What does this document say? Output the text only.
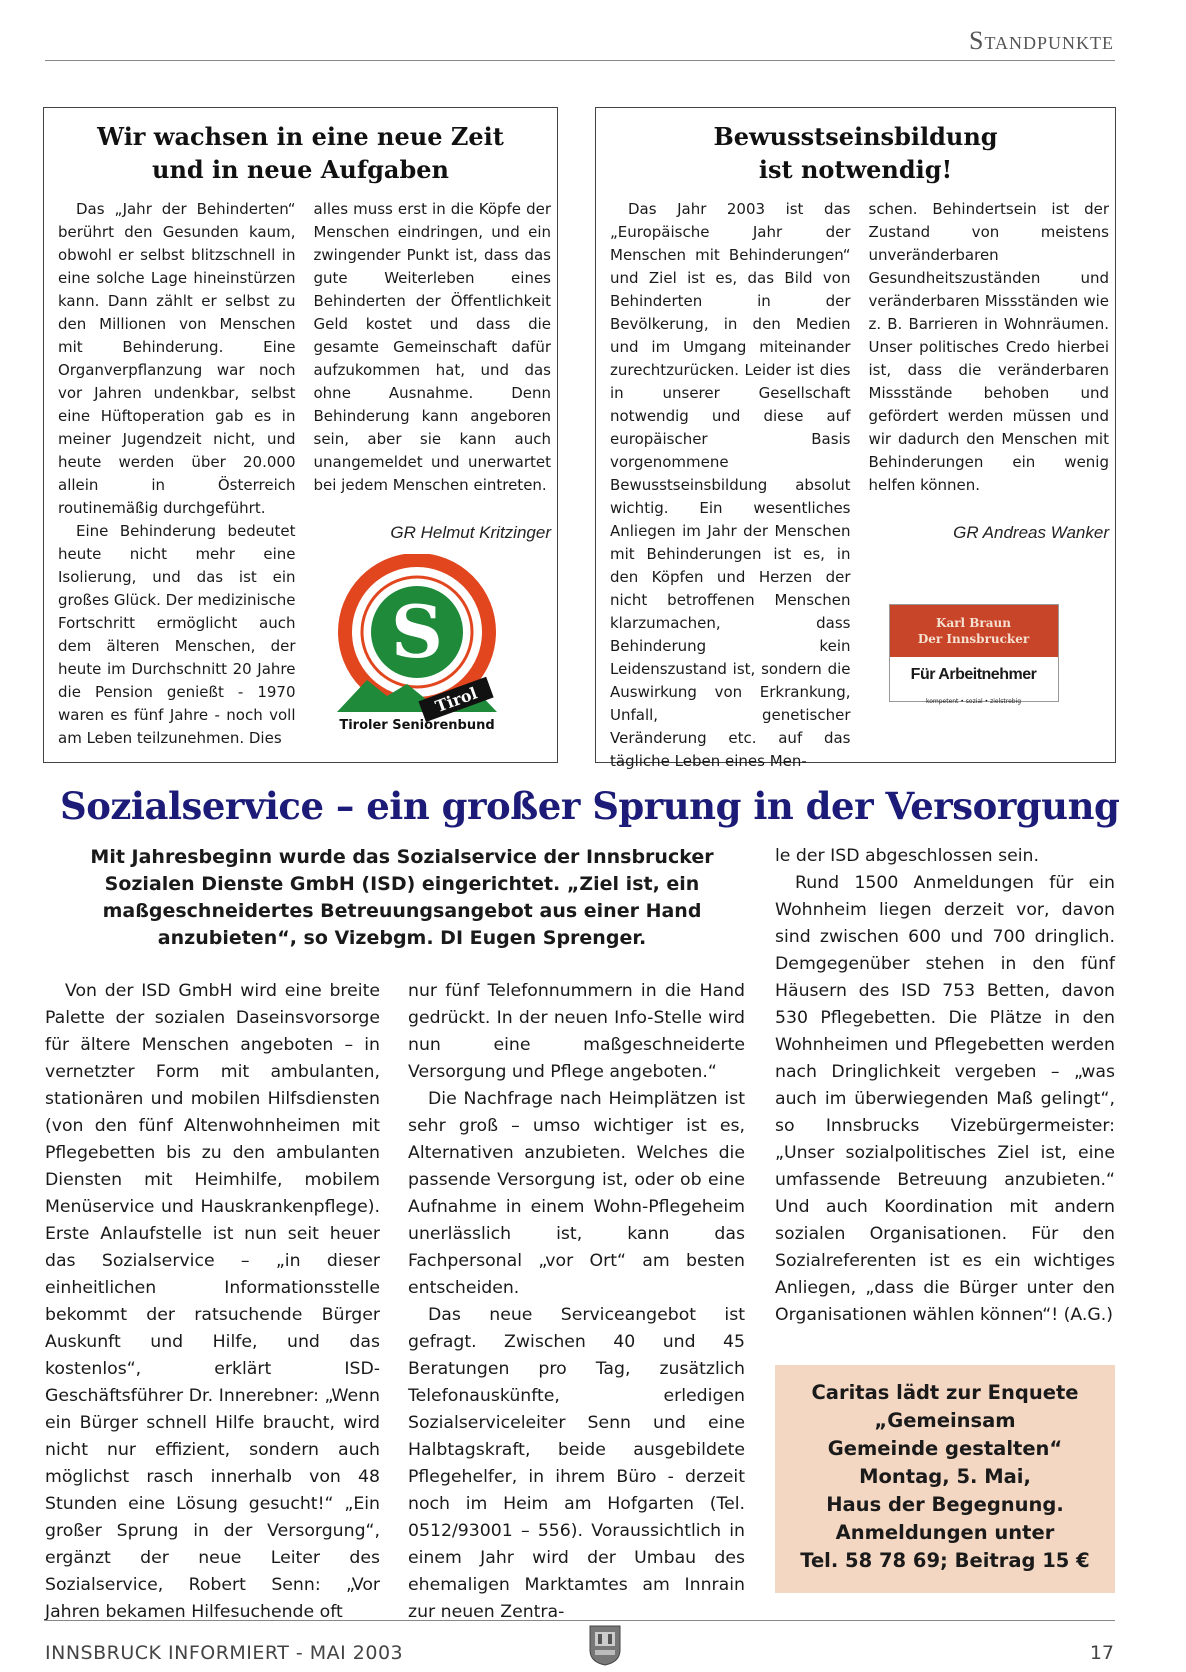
Standpunkte
Wir wachsen in eine neue Zeit
und in neue Aufgaben

Das „Jahr der Behinderten“ berührt den Gesunden kaum, obwohl er selbst blitzschnell in eine solche Lage hineinstürzen kann. Dann zählt er selbst zu den Millionen von Menschen mit Behinderung. Eine Organverpflanzung war noch vor Jahren undenkbar, selbst eine Hüftoperation gab es in meiner Jugendzeit nicht, und heute werden über 20.000 allein in Österreich routinemäßig durchgeführt.

Eine Behinderung bedeutet heute nicht mehr eine Isolierung, und das ist ein großes Glück. Der medizinische Fortschritt ermöglicht auch dem älteren Menschen, der heute im Durchschnitt 20 Jahre die Pension genießt - 1970 waren es fünf Jahre - noch voll am Leben teilzunehmen. Dies

alles muss erst in die Köpfe der Menschen eindringen, und ein zwingender Punkt ist, dass das gute Weiterleben eines Behinderten der Öffentlichkeit Geld kostet und dass die gesamte Gemeinschaft dafür aufzukommen hat, und das ohne Ausnahme. Denn Behinderung kann angeboren sein, aber sie kann auch unangemeldet und unerwartet bei jedem Menschen eintreten.

GR Helmut Kritzinger
S
Tirol
Tiroler Seniorenbund
Bewusstseinsbildung
ist notwendig!

Das Jahr 2003 ist das „Europäische Jahr der Menschen mit Behinderungen“ und Ziel ist es, das Bild von Behinderten in der Bevölkerung, in den Medien und im Umgang miteinander zurechtzurücken. Leider ist dies in unserer Gesellschaft notwendig und diese auf europäischer Basis vorgenommene Bewusstseinsbildung absolut wichtig. Ein wesentliches Anliegen im Jahr der Menschen mit Behinderungen ist es, in den Köpfen und Herzen der nicht betroffenen Menschen klarzumachen, dass Behinderung kein Leidenszustand ist, sondern die Auswirkung von Erkrankung, Unfall, genetischer Veränderung etc. auf das tägliche Leben eines Men-

schen. Behindertsein ist der Zustand von meistens unveränderbaren Gesundheitszuständen und veränderbaren Missständen wie z. B. Barrieren in Wohnräumen. Unser politisches Credo hierbei ist, dass die veränderbaren Missstände behoben und gefördert werden müssen und wir dadurch den Menschen mit Behinderungen ein wenig helfen können.

GR Andreas Wanker
Karl Braun
Der Innsbrucker
Für Arbeitnehmer
kompetent • sozial • zielstrebig
Sozialservice – ein großer Sprung in der Versorgung
Mit Jahresbeginn wurde das Sozialservice der Innsbrucker Sozialen Dienste GmbH (ISD) eingerichtet. „Ziel ist, ein maßgeschneidertes Betreuungsangebot aus einer Hand anzubieten“, so Vizebgm. DI Eugen Sprenger.

Von der ISD GmbH wird eine breite Palette der sozialen Daseinsvorsorge für ältere Menschen angeboten – in vernetzter Form mit ambulanten, stationären und mobilen Hilfsdiensten (von den fünf Altenwohnheimen mit Pflegebetten bis zu den ambulanten Diensten mit Heimhilfe, mobilem Menüservice und Hauskrankenpflege). Erste Anlaufstelle ist nun seit heuer das Sozialservice – „in dieser einheitlichen Informationsstelle bekommt der ratsuchende Bürger Auskunft und Hilfe, und das kostenlos“, erklärt ISD-Geschäftsführer Dr. Innerebner: „Wenn ein Bürger schnell Hilfe braucht, wird nicht nur effizient, sondern auch möglichst rasch innerhalb von 48 Stunden eine Lösung gesucht!“ „Ein großer Sprung in der Versorgung“, ergänzt der neue Leiter des Sozialservice, Robert Senn: „Vor Jahren bekamen Hilfesuchende oft

nur fünf Telefonnummern in die Hand gedrückt. In der neuen Info-Stelle wird nun eine maßgeschneiderte Versorgung und Pflege angeboten.“

Die Nachfrage nach Heimplätzen ist sehr groß – umso wichtiger ist es, Alternativen anzubieten. Welches die passende Versorgung ist, oder ob eine Aufnahme in einem Wohn-Pflegeheim unerlässlich ist, kann das Fachpersonal „vor Ort“ am besten entscheiden.

Das neue Serviceangebot ist gefragt. Zwischen 40 und 45 Beratungen pro Tag, zusätzlich Telefonauskünfte, erledigen Sozialserviceleiter Senn und eine Halbtagskraft, beide ausgebildete Pflegehelfer, in ihrem Büro - derzeit noch im Heim am Hofgarten (Tel. 0512/93001 – 556). Voraussichtlich in einem Jahr wird der Umbau des ehemaligen Marktamtes am Innrain zur neuen Zentra-

le der ISD abgeschlossen sein.

Rund 1500 Anmeldungen für ein Wohnheim liegen derzeit vor, davon sind zwischen 600 und 700 dringlich. Demgegenüber stehen in den fünf Häusern des ISD 753 Betten, davon 530 Pflegebetten. Die Plätze in den Wohnheimen und Pflegebetten werden nach Dringlichkeit vergeben – „was auch im überwiegenden Maß gelingt“, so Innsbrucks Vizebürgermeister: „Unser sozialpolitisches Ziel ist, eine umfassende Betreuung anzubieten.“ Und auch Koordination mit andern sozialen Organisationen. Für den Sozialreferenten ist es ein wichtiges Anliegen, „dass die Bürger unter den Organisationen wählen können“! (A.G.)

Caritas lädt zur Enquete
„Gemeinsam
Gemeinde gestalten“
Montag, 5. Mai,
Haus der Begegnung.
Anmeldungen unter
Tel. 58 78 69; Beitrag 15 €
INNSBRUCK INFORMIERT - MAI 2003	17
